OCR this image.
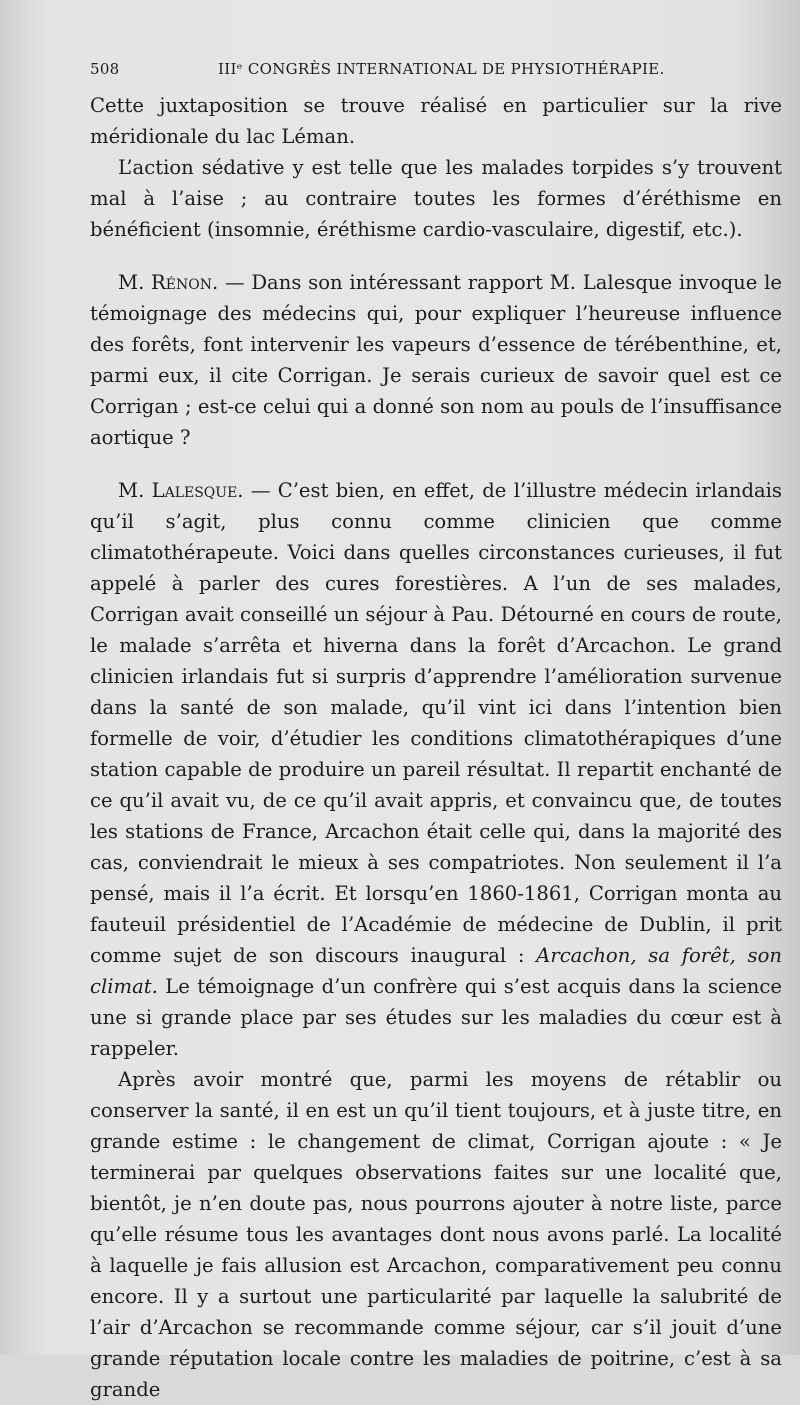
508	IIIᵉ CONGRÈS INTERNATIONAL DE PHYSIOTHÉRAPIE.

Cette juxtaposition se trouve réalisé en particulier sur la rive méridionale du lac Léman.

L’action sédative y est telle que les malades torpides s’y trouvent mal à l’aise ; au contraire toutes les formes d’éréthisme en bénéficient (insomnie, éréthisme cardio-vasculaire, digestif, etc.).

M. Rénon. — Dans son intéressant rapport M. Lalesque invoque le témoignage des médecins qui, pour expliquer l’heureuse influence des forêts, font intervenir les vapeurs d’essence de térébenthine, et, parmi eux, il cite Corrigan. Je serais curieux de savoir quel est ce Corrigan ; est-ce celui qui a donné son nom au pouls de l’insuffisance aortique ?

M. Lalesque. — C’est bien, en effet, de l’illustre médecin irlandais qu’il s’agit, plus connu comme clinicien que comme climatothérapeute. Voici dans quelles circonstances curieuses, il fut appelé à parler des cures forestières. A l’un de ses malades, Corrigan avait conseillé un séjour à Pau. Détourné en cours de route, le malade s’arrêta et hiverna dans la forêt d’Arcachon. Le grand clinicien irlandais fut si surpris d’apprendre l’amélioration survenue dans la santé de son malade, qu’il vint ici dans l’intention bien formelle de voir, d’étudier les conditions climatothérapiques d’une station capable de produire un pareil résultat. Il repartit enchanté de ce qu’il avait vu, de ce qu’il avait appris, et convaincu que, de toutes les stations de France, Arcachon était celle qui, dans la majorité des cas, conviendrait le mieux à ses compatriotes. Non seulement il l’a pensé, mais il l’a écrit. Et lorsqu’en 1860-1861, Corrigan monta au fauteuil présidentiel de l’Académie de médecine de Dublin, il prit comme sujet de son discours inaugural : Arcachon, sa forêt, son climat. Le témoignage d’un confrère qui s’est acquis dans la science une si grande place par ses études sur les maladies du cœur est à rappeler.

Après avoir montré que, parmi les moyens de rétablir ou conserver la santé, il en est un qu’il tient toujours, et à juste titre, en grande estime : le changement de climat, Corrigan ajoute : « Je terminerai par quelques observations faites sur une localité que, bientôt, je n’en doute pas, nous pourrons ajouter à notre liste, parce qu’elle résume tous les avantages dont nous avons parlé. La localité à laquelle je fais allusion est Arcachon, comparativement peu connu encore. Il y a surtout une particularité par laquelle la salubrité de l’air d’Arcachon se recommande comme séjour, car s’il jouit d’une grande réputation locale contre les maladies de poitrine, c’est à sa grande
